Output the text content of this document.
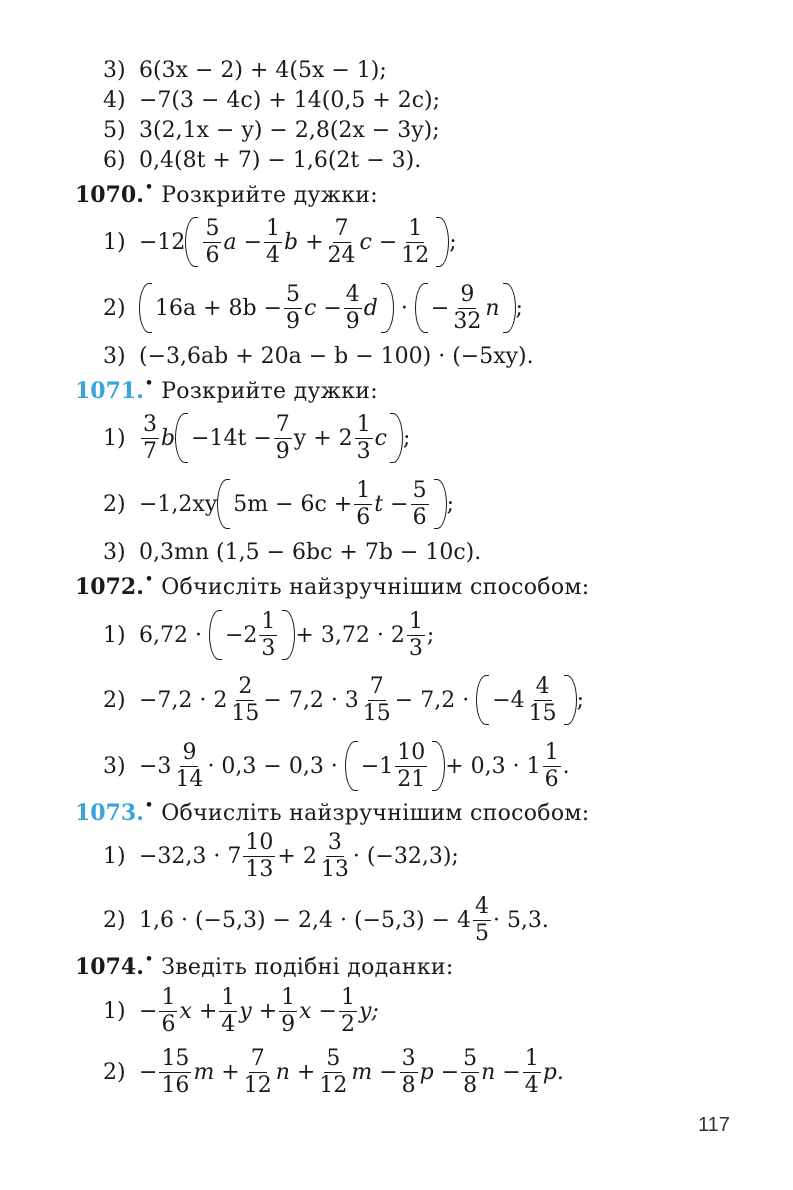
3) 6(3x − 2) + 4(5x − 1);
4) −7(3 − 4c) + 14(0,5 + 2c);
5) 3(2,1x − y) − 2,8(2x − 3y);
6) 0,4(8t + 7) − 1,6(2t − 3).
1070. • Розкрийте дужки:
$1) -12 \frac{5}{6}$ a
− $\frac{1}{4}$ b
+ $\frac{7}{24}$ c
− $\frac{1}{12}$ ;
2)	$16a + 8b - \frac{5}{9}$ $c - \frac{4}{9}$ d
·
− $\frac{9}{32}$ n ;
3) (−3,6ab + 20a − b − 100) · (−5xy).
1071. • Розкрийте дужки:
$1) \frac{3}{7}$ $b -14t - \frac{7}{9}$ $y + 2 \frac{1}{3}$ c ;
2) −1,2xy $5m - 6c + \frac{1}{6}$ $t - \frac{5}{6}$ ;
3) 0,3mn (1,5 − 6bc + 7b − 10c).
1072. • Обчисліть найзручнішим способом:
1) 6,72 ·
$-2 \frac{1}{3} + 3,72 \cdot 2 \frac{1}{3}$ ;
$2) -7,2 \cdot 2 \frac{2}{15} - 7,2 \cdot 3 \frac{7}{15} - 7,2$ ·
$-4 \frac{4}{15}$ ;
$3) -3 \frac{9}{14} \cdot 0,3 - 0,3$ ·
$-1 \frac{10}{21} + 0,3 \cdot 1 \frac{1}{6}$ .
1073. • Обчисліть найзручнішим способом:
$1) -32,3 \cdot 7 \frac{10}{13} + 2 \frac{3}{13} \cdot (-32,3)$;
2) $1,6 \cdot (-5,3) - 2,4 \cdot (-5,3) - 4 \frac{4}{5} \cdot 5,3$.
1074. • Зведіть подібні доданки:
$1) - \frac{1}{6}$ $x + \frac{1}{4}$ $y + \frac{1}{9}$ $x - \frac{1}{2} y$;
$2) - \frac{15}{16}$ $m + \frac{7}{12}$ $n + \frac{5}{12}$ $m - \frac{3}{8}$ $p - \frac{5}{8}$ $n - \frac{1}{4} p$.
117
